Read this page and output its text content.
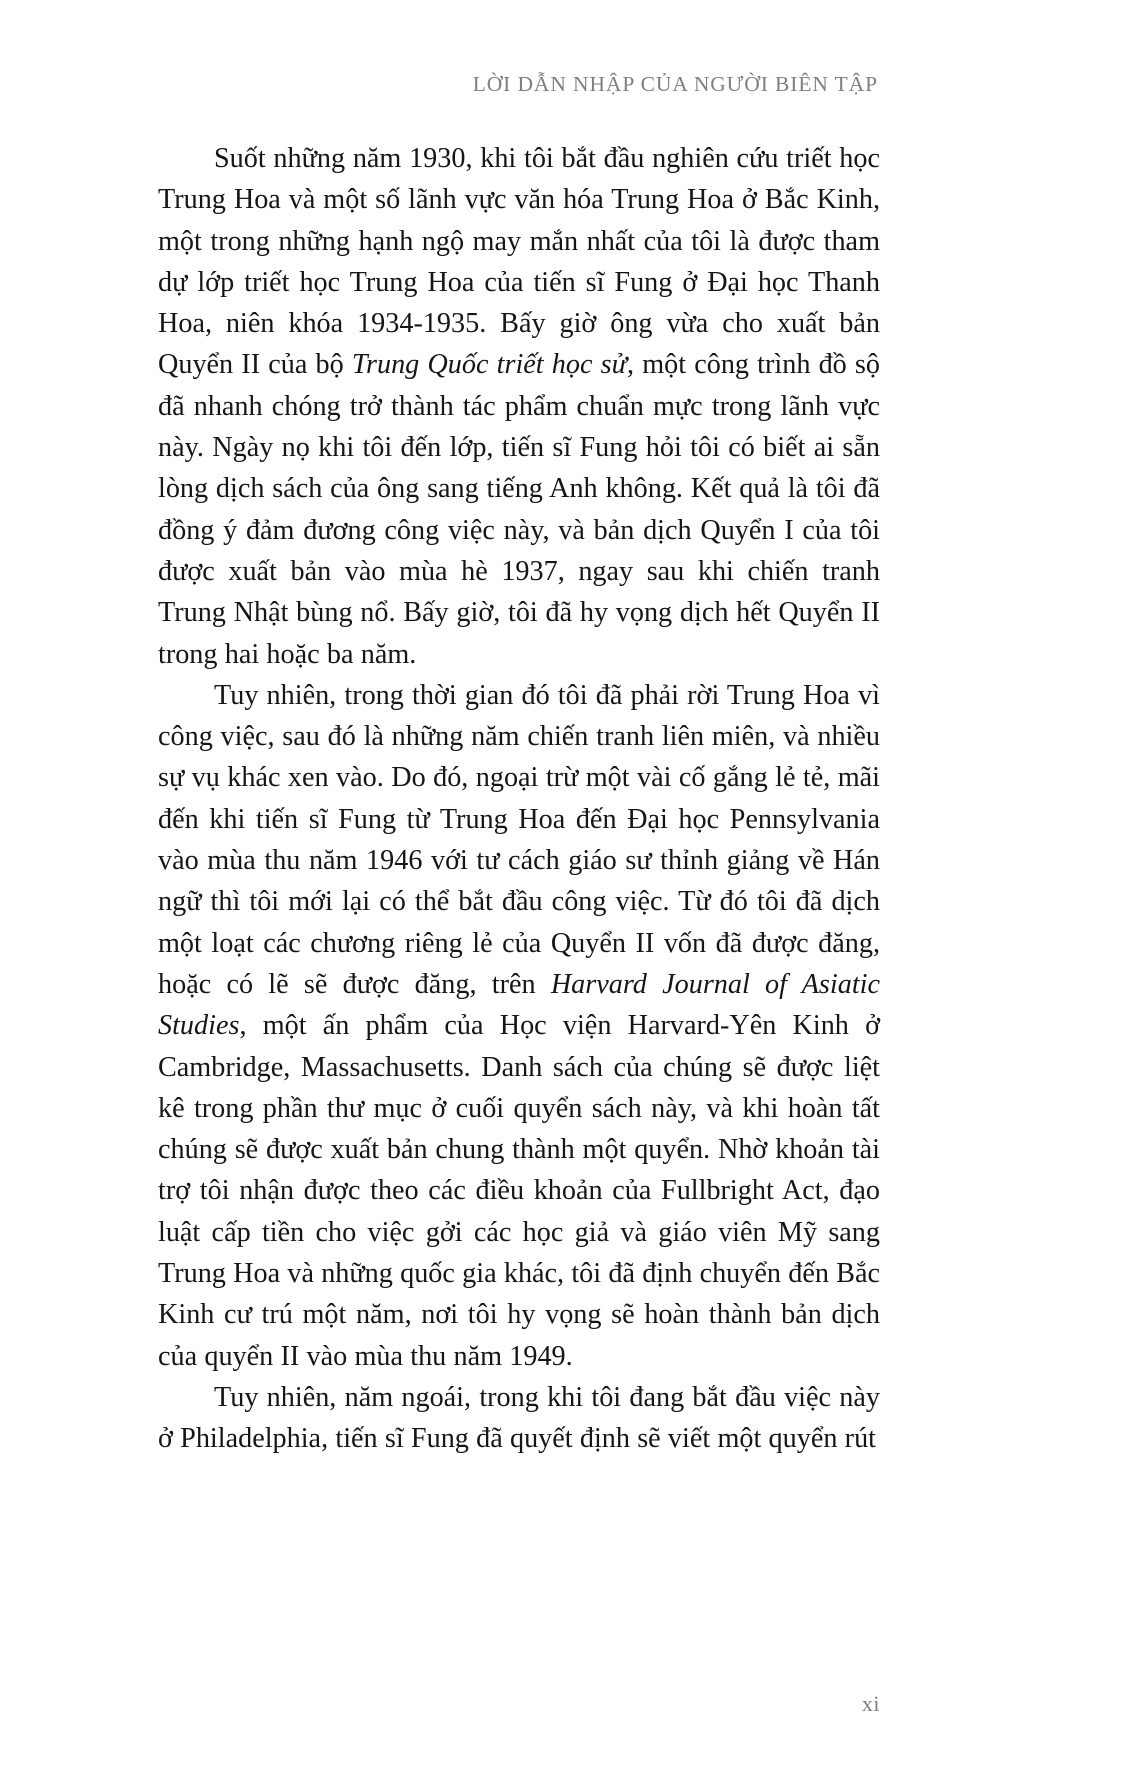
LỜI DẪN NHẬP CỦA NGƯỜI BIÊN TẬP

Suốt những năm 1930, khi tôi bắt đầu nghiên cứu triết học Trung Hoa và một số lãnh vực văn hóa Trung Hoa ở Bắc Kinh, một trong những hạnh ngộ may mắn nhất của tôi là được tham dự lớp triết học Trung Hoa của tiến sĩ Fung ở Đại học Thanh Hoa, niên khóa 1934-1935. Bấy giờ ông vừa cho xuất bản Quyển II của bộ Trung Quốc triết học sử, một công trình đồ sộ đã nhanh chóng trở thành tác phẩm chuẩn mực trong lãnh vực này. Ngày nọ khi tôi đến lớp, tiến sĩ Fung hỏi tôi có biết ai sẵn lòng dịch sách của ông sang tiếng Anh không. Kết quả là tôi đã đồng ý đảm đương công việc này, và bản dịch Quyển I của tôi được xuất bản vào mùa hè 1937, ngay sau khi chiến tranh Trung Nhật bùng nổ. Bấy giờ, tôi đã hy vọng dịch hết Quyển II trong hai hoặc ba năm.

Tuy nhiên, trong thời gian đó tôi đã phải rời Trung Hoa vì công việc, sau đó là những năm chiến tranh liên miên, và nhiều sự vụ khác xen vào. Do đó, ngoại trừ một vài cố gắng lẻ tẻ, mãi đến khi tiến sĩ Fung từ Trung Hoa đến Đại học Pennsylvania vào mùa thu năm 1946 với tư cách giáo sư thỉnh giảng về Hán ngữ thì tôi mới lại có thể bắt đầu công việc. Từ đó tôi đã dịch một loạt các chương riêng lẻ của Quyển II vốn đã được đăng, hoặc có lẽ sẽ được đăng, trên Harvard Journal of Asiatic Studies, một ấn phẩm của Học viện Harvard-Yên Kinh ở Cambridge, Massachusetts. Danh sách của chúng sẽ được liệt kê trong phần thư mục ở cuối quyển sách này, và khi hoàn tất chúng sẽ được xuất bản chung thành một quyển. Nhờ khoản tài trợ tôi nhận được theo các điều khoản của Fullbright Act, đạo luật cấp tiền cho việc gởi các học giả và giáo viên Mỹ sang Trung Hoa và những quốc gia khác, tôi đã định chuyển đến Bắc Kinh cư trú một năm, nơi tôi hy vọng sẽ hoàn thành bản dịch của quyển II vào mùa thu năm 1949.

Tuy nhiên, năm ngoái, trong khi tôi đang bắt đầu việc này ở Philadelphia, tiến sĩ Fung đã quyết định sẽ viết một quyển rút

xi
